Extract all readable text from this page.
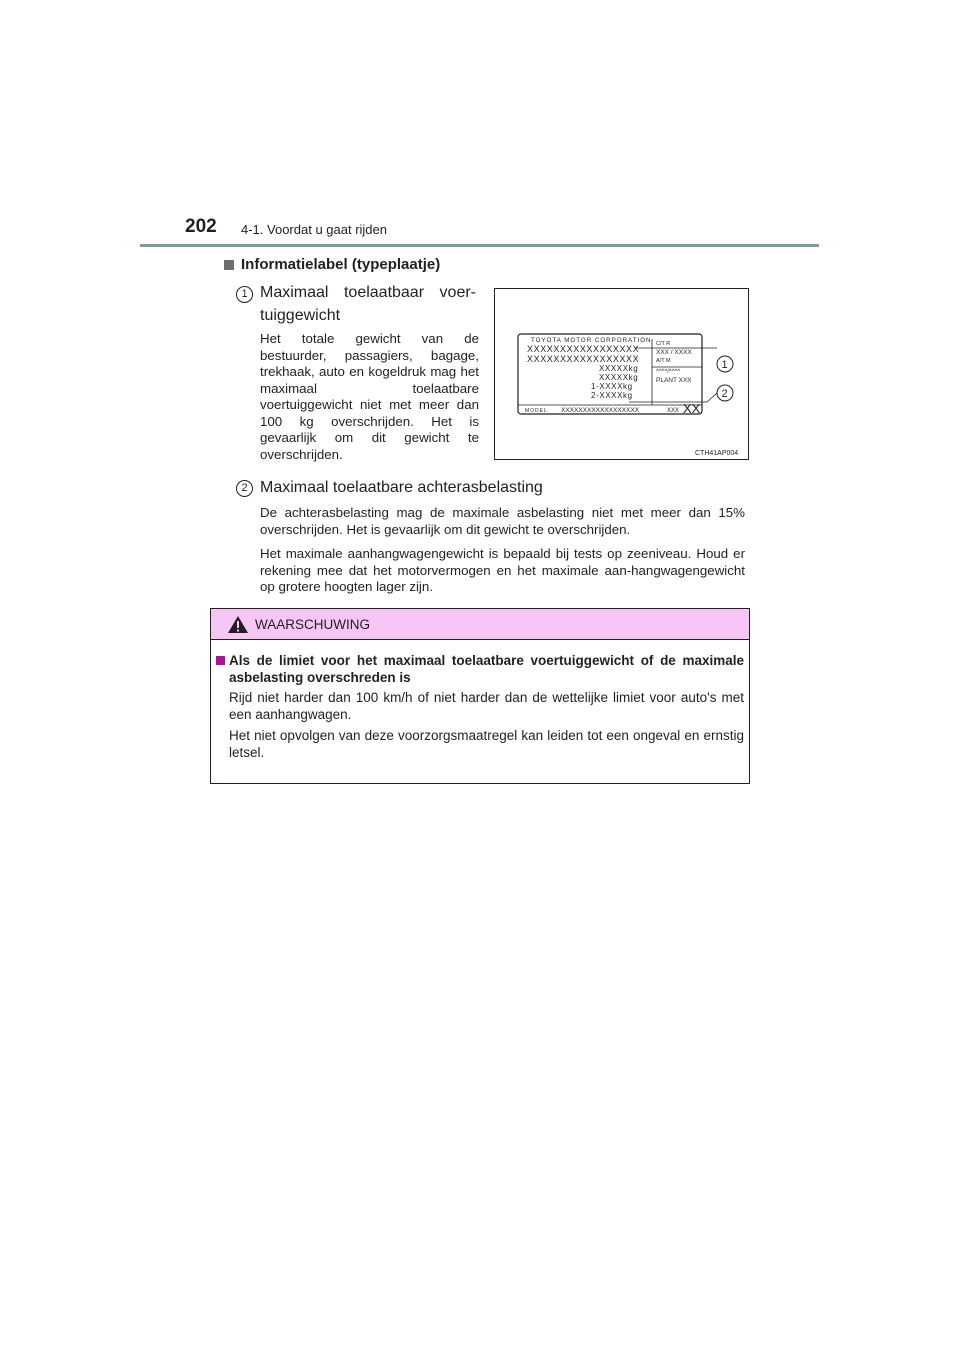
202 4-1. Voordat u gaat rijden
Informatielabel (typeplaatje)
1 Maximaal toelaatbaar voer-
tuiggewicht
Het totale gewicht van de bestuurder, passagiers, bagage, trekhaak, auto en kogeldruk mag het maximaal toelaatbare voertuiggewicht niet met meer dan 100 kg overschrijden. Het is gevaarlijk om dit gewicht te overschrijden.
TOYOTA MOTOR CORPORATION
XXXXXXXXXXXXXXXXX
XXXXXXXXXXXXXXXXX
XXXXXkg
XXXXXkg
1-XXXXkg
2-XXXXkg
C/T R
XXX / XXXX
A/T M
^^^^/^^^^
PLANT XXX
MODEL XXXXXXXXXXXXXXXXXX	XXX XX
1
2
CTH41AP004
2 Maximaal toelaatbare achterasbelasting
De achterasbelasting mag de maximale asbelasting niet met meer dan 15% overschrijden. Het is gevaarlijk om dit gewicht te overschrijden.
Het maximale aanhangwagengewicht is bepaald bij tests op zeeniveau. Houd er rekening mee dat het motorvermogen en het maximale aan-hangwagengewicht op grotere hoogten lager zijn.
WAARSCHUWING
Als de limiet voor het maximaal toelaatbare voertuiggewicht of de maximale asbelasting overschreden is
Rijd niet harder dan 100 km/h of niet harder dan de wettelijke limiet voor auto's met een aanhangwagen.
Het niet opvolgen van deze voorzorgsmaatregel kan leiden tot een ongeval en ernstig letsel.
